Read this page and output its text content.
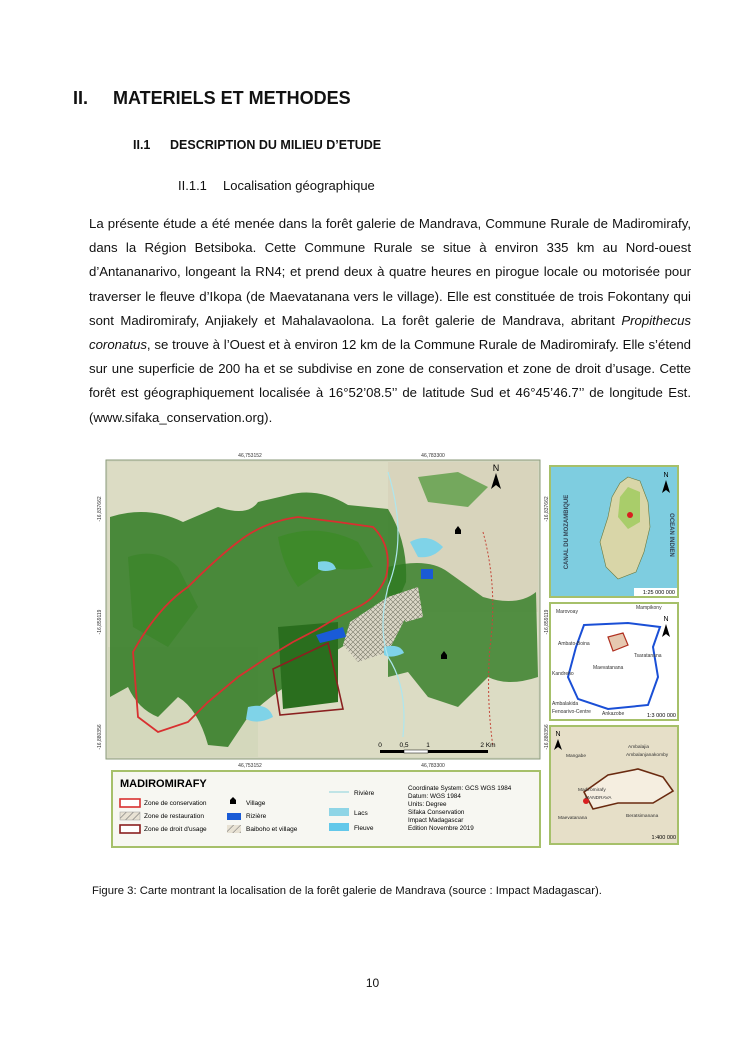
II. MATERIELS ET METHODES
II.1 DESCRIPTION DU MILIEU D’ETUDE
II.1.1 Localisation géographique

La présente étude a été menée dans la forêt galerie de Mandrava, Commune Rurale de Madiromirafy, dans la Région Betsiboka. Cette Commune Rurale se situe à environ 335 km au Nord-ouest d’Antananarivo, longeant la RN4; et prend deux à quatre heures en pirogue locale ou motorisée pour traverser le fleuve d’Ikopa (de Maevatanana vers le village). Elle est constituée de trois Fokontany qui sont Madiromirafy, Anjiakely et Mahalavaolona. La forêt galerie de Mandrava, abritant Propithecus coronatus, se trouve à l’Ouest et à environ 12 km de la Commune Rurale de Madiromirafy. Elle s’étend sur une superficie de 200 ha et se subdivise en zone de conservation et zone de droit d’usage. Cette forêt est géographiquement localisée à 16°52’08.5’’ de latitude Sud et 46°45’46.7’’ de longitude Est. (www.sifaka_conservation.org).

N
0	0,5	1	2 Km
46,753152	46,783300
46,753152	46,783300
-16,837662
-16,859119
-16,880356
-16,837662
-16,859119
-16,880356
MADIROMIRAFY
Zone de conservation
Zone de restauration
Zone de droit d'usage
Village
Rizière
Baiboho et village
Rivière
Lacs
Fleuve
Coordinate System: GCS WGS 1984
Datum: WGS 1984
Units: Degree
Sifaka Conservation
Impact Madagascar
Edition Novembre 2019
CANAL DU MOZAMBIQUE	OCEAN INDIEN
N
1:25 000 000
Marovoay
Mampikony
Ambato-Boina
Tsaratanana
Maevatanana
Kandreho
Ambalakida
Fenoarivo-Centre Ankazobe
N
1:3 000 000
Mangabe
Ambalajia
Ambalanjanakomby
Madiromirafy
MANDRAVA
Maevatanana	Beratsimanana
N
1:400 000
Figure 3: Carte montrant la localisation de la forêt galerie de Mandrava (source : Impact Madagascar).
10
